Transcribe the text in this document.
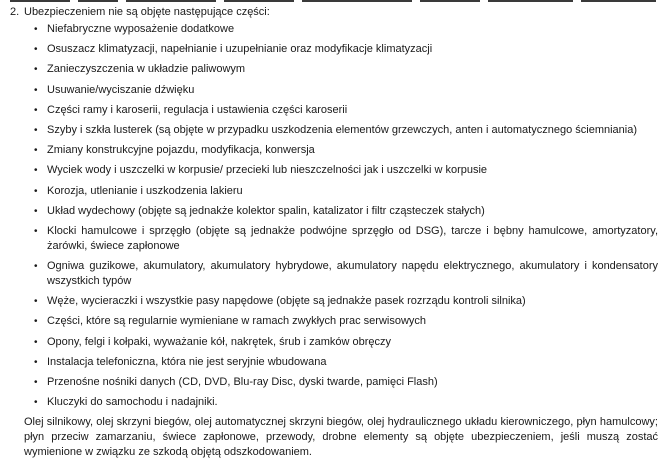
2. Ubezpieczeniem nie są objęte następujące części:
• Niefabryczne wyposażenie dodatkowe
• Osuszacz klimatyzacji, napełnianie i uzupełnianie oraz modyfikacje klimatyzacji
• Zanieczyszczenia w układzie paliwowym
• Usuwanie/wyciszanie dźwięku
• Części ramy i karoserii, regulacja i ustawienia części karoserii
• Szyby i szkła lusterek (są objęte w przypadku uszkodzenia elementów grzewczych, anten i automatycznego ściemniania)
• Zmiany konstrukcyjne pojazdu, modyfikacja, konwersja
• Wyciek wody i uszczelki w korpusie/ przecieki lub nieszczelności jak i uszczelki w korpusie
• Korozja, utlenianie i uszkodzenia lakieru
• Układ wydechowy (objęte są jednakże kolektor spalin, katalizator i filtr cząsteczek stałych)
• Klocki hamulcowe i sprzęgło (objęte są jednakże podwójne sprzęgło od DSG), tarcze i bębny hamulcowe, amortyzatory, żarówki, świece zapłonowe
• Ogniwa guzikowe, akumulatory, akumulatory hybrydowe, akumulatory napędu elektrycznego, akumulatory i kondensatory wszystkich typów
• Węże, wycieraczki i wszystkie pasy napędowe (objęte są jednakże pasek rozrządu kontroli silnika)
• Części, które są regularnie wymieniane w ramach zwykłych prac serwisowych
• Opony, felgi i kołpaki, wyważanie kół, nakrętek, śrub i zamków obręczy
• Instalacja telefoniczna, która nie jest seryjnie wbudowana
• Przenośne nośniki danych (CD, DVD, Blu-ray Disc, dyski twarde, pamięci Flash)
• Kluczyki do samochodu i nadajniki.

Olej silnikowy, olej skrzyni biegów, olej automatycznej skrzyni biegów, olej hydraulicznego układu kierowniczego, płyn hamulcowy; płyn przeciw zamarzaniu, świece zapłonowe, przewody, drobne elementy są objęte ubezpieczeniem, jeśli muszą zostać wymienione w związku ze szkodą objętą odszkodowaniem.
